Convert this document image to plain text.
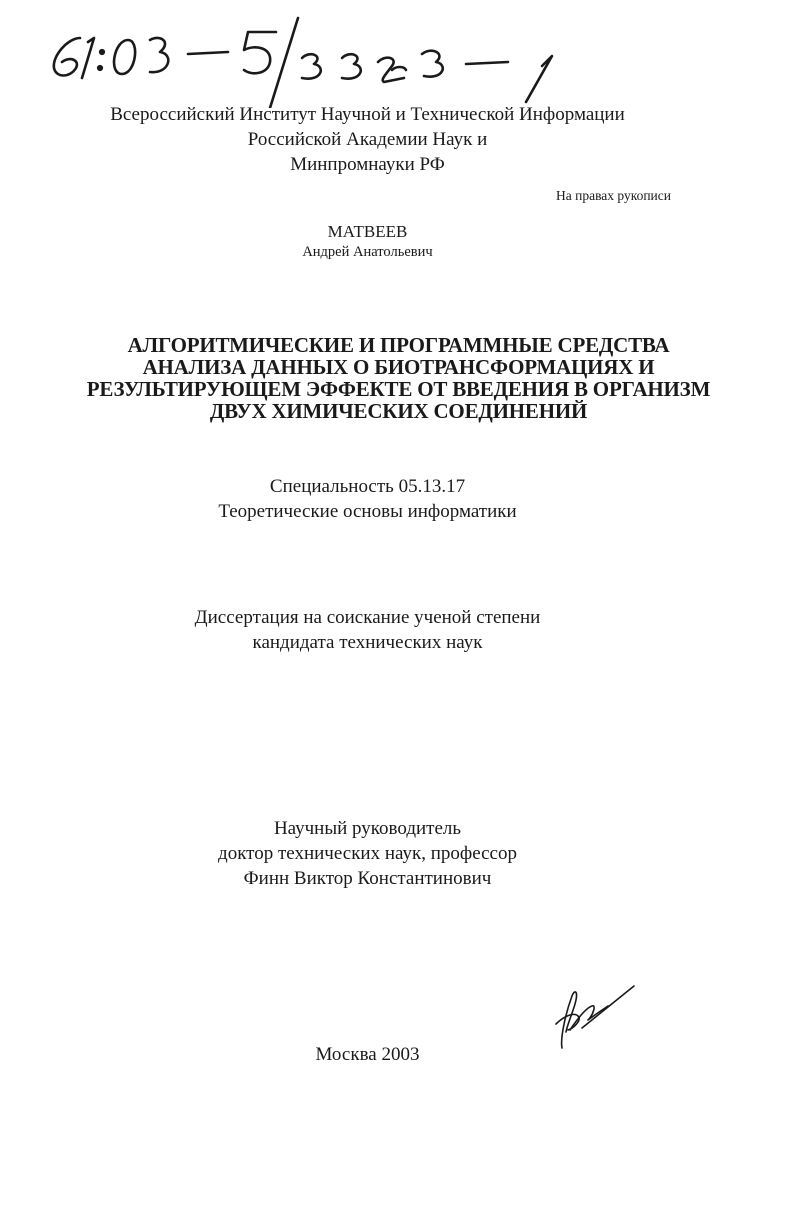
Всероссийский Институт Научной и Технической Информации
Российской Академии Наук и
Минпромнауки РФ
На правах рукописи
МАТВЕЕВ
Андрей Анатольевич
АЛГОРИТМИЧЕСКИЕ И ПРОГРАММНЫЕ СРЕДСТВА
АНАЛИЗА ДАННЫХ О БИОТРАНСФОРМАЦИЯХ И
РЕЗУЛЬТИРУЮЩЕМ ЭФФЕКТЕ ОТ ВВЕДЕНИЯ В ОРГАНИЗМ
ДВУХ ХИМИЧЕСКИХ СОЕДИНЕНИЙ
Специальность 05.13.17
Теоретические основы информатики
Диссертация на соискание ученой степени
кандидата технических наук
Научный руководитель
доктор технических наук, профессор
Финн Виктор Константинович
Москва 2003
